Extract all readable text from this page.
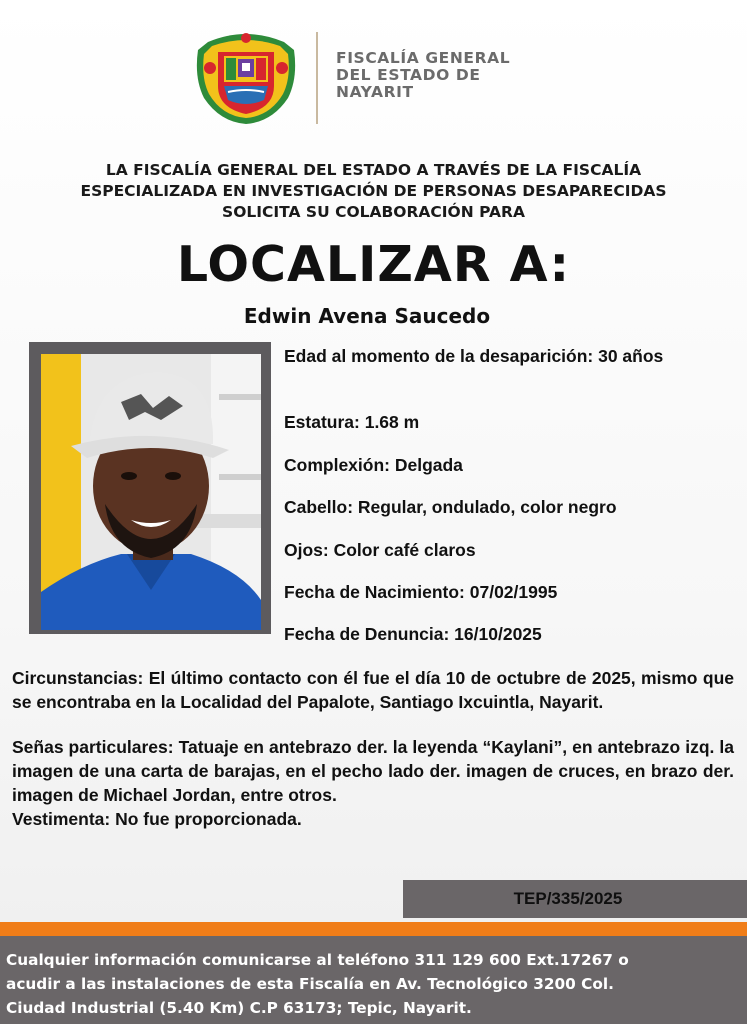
FISCALÍA GENERAL
DEL ESTADO DE
NAYARIT
LA FISCALÍA GENERAL DEL ESTADO A TRAVÉS DE LA FISCALÍA
ESPECIALIZADA EN INVESTIGACIÓN DE PERSONAS DESAPARECIDAS
SOLICITA SU COLABORACIÓN PARA
LOCALIZAR A:
Edwin Avena Saucedo
Edad al momento de la desaparición: 30 años
Estatura: 1.68 m
Complexión: Delgada
Cabello: Regular, ondulado, color negro
Ojos: Color café claros
Fecha de Nacimiento: 07/02/1995
Fecha de Denuncia: 16/10/2025
Circunstancias: El último contacto con él fue el día 10 de octubre de 2025, mismo que se encontraba en la Localidad del Papalote, Santiago Ixcuintla, Nayarit.
Señas particulares: Tatuaje en antebrazo der. la leyenda “Kaylani”, en antebrazo izq. la imagen de una carta de barajas, en el pecho lado der. imagen de cruces, en brazo der. imagen de Michael Jordan, entre otros.
Vestimenta: No fue proporcionada.
TEP/335/2025
Cualquier información comunicarse al teléfono 311 129 600 Ext.17267 o
acudir a las instalaciones de esta Fiscalía en Av. Tecnológico 3200 Col.
Ciudad Industrial (5.40 Km) C.P 63173; Tepic, Nayarit.
